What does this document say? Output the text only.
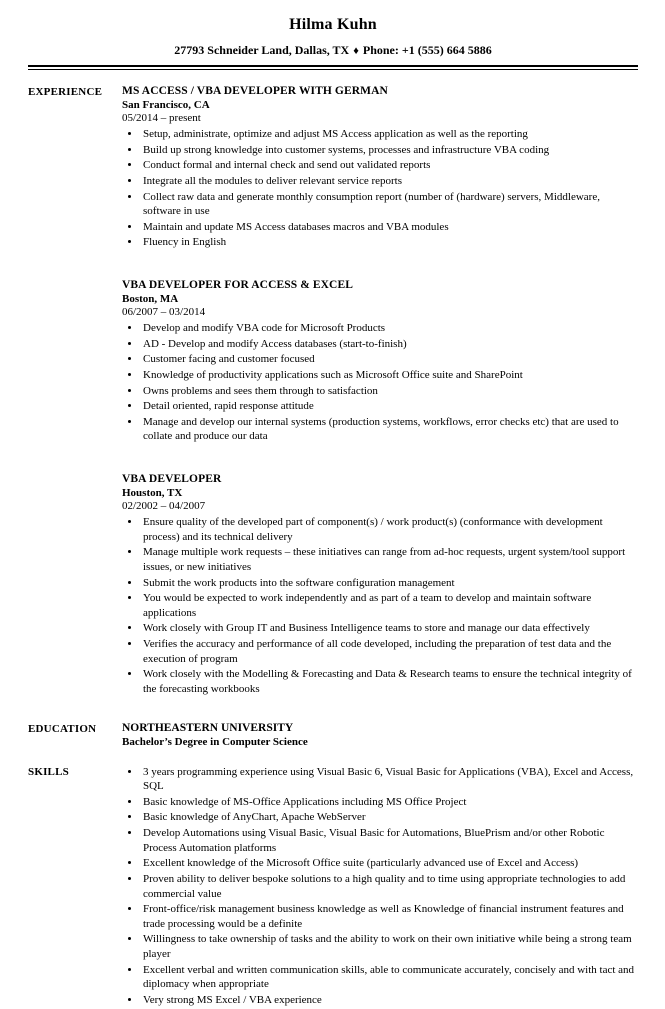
Hilma Kuhn
27793 Schneider Land, Dallas, TX ♦ Phone: +1 (555) 664 5886
EXPERIENCE	MS ACCESS / VBA DEVELOPER WITH GERMAN
San Francisco, CA
05/2014 – present
• Setup, administrate, optimize and adjust MS Access application as well as the reporting
• Build up strong knowledge into customer systems, processes and infrastructure VBA coding
• Conduct formal and internal check and send out validated reports
• Integrate all the modules to deliver relevant service reports
• Collect raw data and generate monthly consumption report (number of (hardware) servers, Middleware, software in use
• Maintain and update MS Access databases macros and VBA modules
• Fluency in English
VBA DEVELOPER FOR ACCESS & EXCEL
Boston, MA
06/2007 – 03/2014
• Develop and modify VBA code for Microsoft Products
• AD - Develop and modify Access databases (start-to-finish)
• Customer facing and customer focused
• Knowledge of productivity applications such as Microsoft Office suite and SharePoint
• Owns problems and sees them through to satisfaction
• Detail oriented, rapid response attitude
• Manage and develop our internal systems (production systems, workflows, error checks etc) that are used to collate and produce our data
VBA DEVELOPER
Houston, TX
02/2002 – 04/2007
• Ensure quality of the developed part of component(s) / work product(s) (conformance with development process) and its technical delivery
• Manage multiple work requests – these initiatives can range from ad-hoc requests, urgent system/tool support issues, or new initiatives
• Submit the work products into the software configuration management
• You would be expected to work independently and as part of a team to develop and maintain software applications
• Work closely with Group IT and Business Intelligence teams to store and manage our data effectively
• Verifies the accuracy and performance of all code developed, including the preparation of test data and the execution of program
• Work closely with the Modelling & Forecasting and Data & Research teams to ensure the technical integrity of the forecasting workbooks
EDUCATION	NORTHEASTERN UNIVERSITY
Bachelor’s Degree in Computer Science
SKILLS	• 3 years programming experience using Visual Basic 6, Visual Basic for Applications (VBA), Excel and Access, SQL
• Basic knowledge of MS-Office Applications including MS Office Project
• Basic knowledge of AnyChart, Apache WebServer
• Develop Automations using Visual Basic, Visual Basic for Automations, BluePrism and/or other Robotic Process Automation platforms
• Excellent knowledge of the Microsoft Office suite (particularly advanced use of Excel and Access)
• Proven ability to deliver bespoke solutions to a high quality and to time using appropriate technologies to add commercial value
• Front-office/risk management business knowledge as well as Knowledge of financial instrument features and trade processing would be a definite
• Willingness to take ownership of tasks and the ability to work on their own initiative while being a strong team player
• Excellent verbal and written communication skills, able to communicate accurately, concisely and with tact and diplomacy when appropriate
• Very strong MS Excel / VBA experience
